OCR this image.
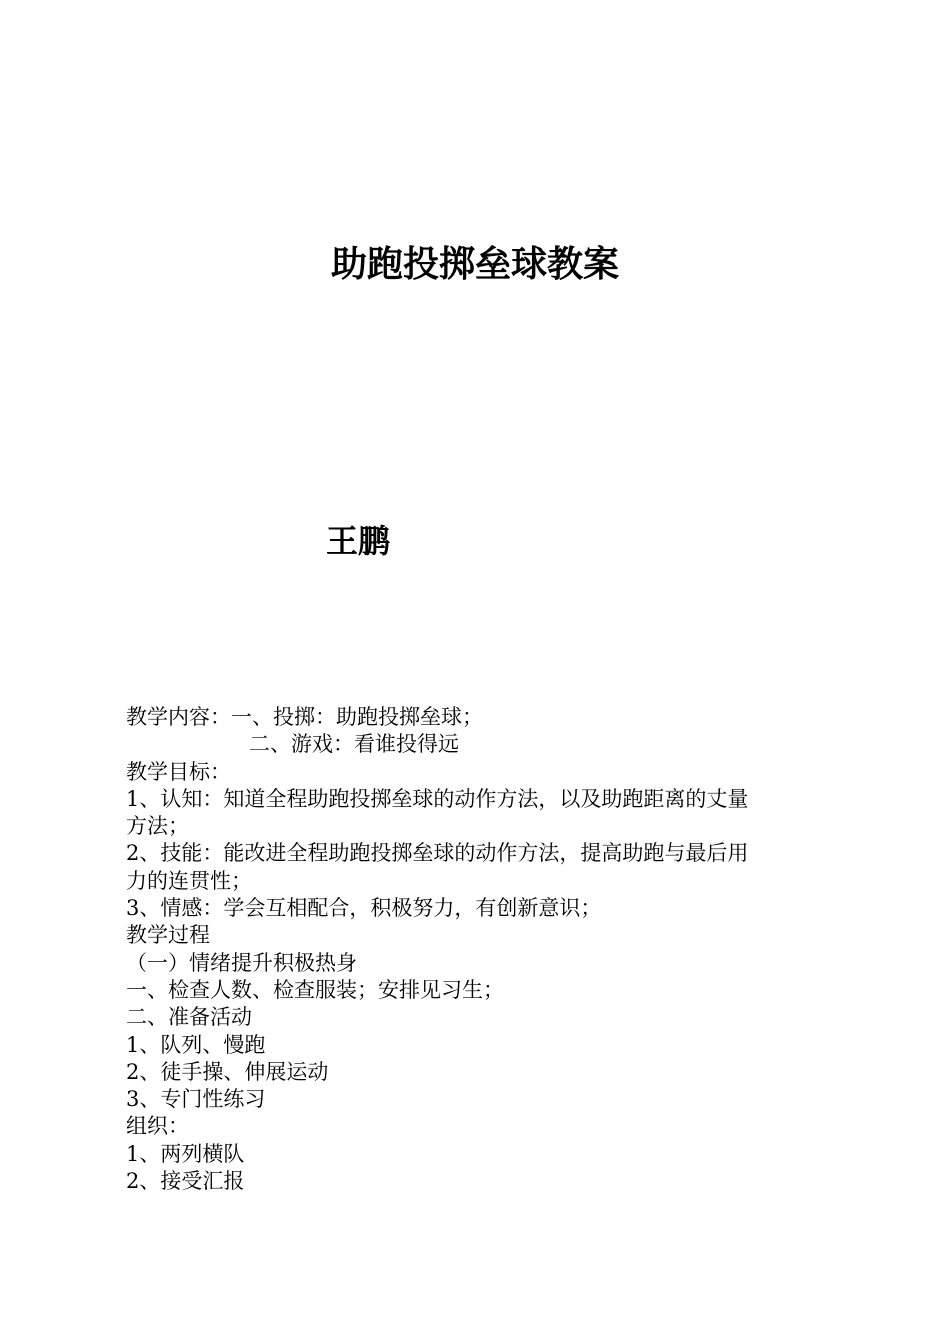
助跑投掷垒球教案

王鹏

教学内容：一、投掷：助跑投掷垒球；
二、游戏：看谁投得远
教学目标：
1、认知：知道全程助跑投掷垒球的动作方法，以及助跑距离的丈量
方法；
2、技能：能改进全程助跑投掷垒球的动作方法，提高助跑与最后用
力的连贯性；
3、情感：学会互相配合，积极努力，有创新意识；
教学过程
（一）情绪提升积极热身
一、检查人数、检查服装；安排见习生；
二、准备活动
1、队列、慢跑
2、徒手操、伸展运动
3、专门性练习
组织：
1、两列横队
2、接受汇报
